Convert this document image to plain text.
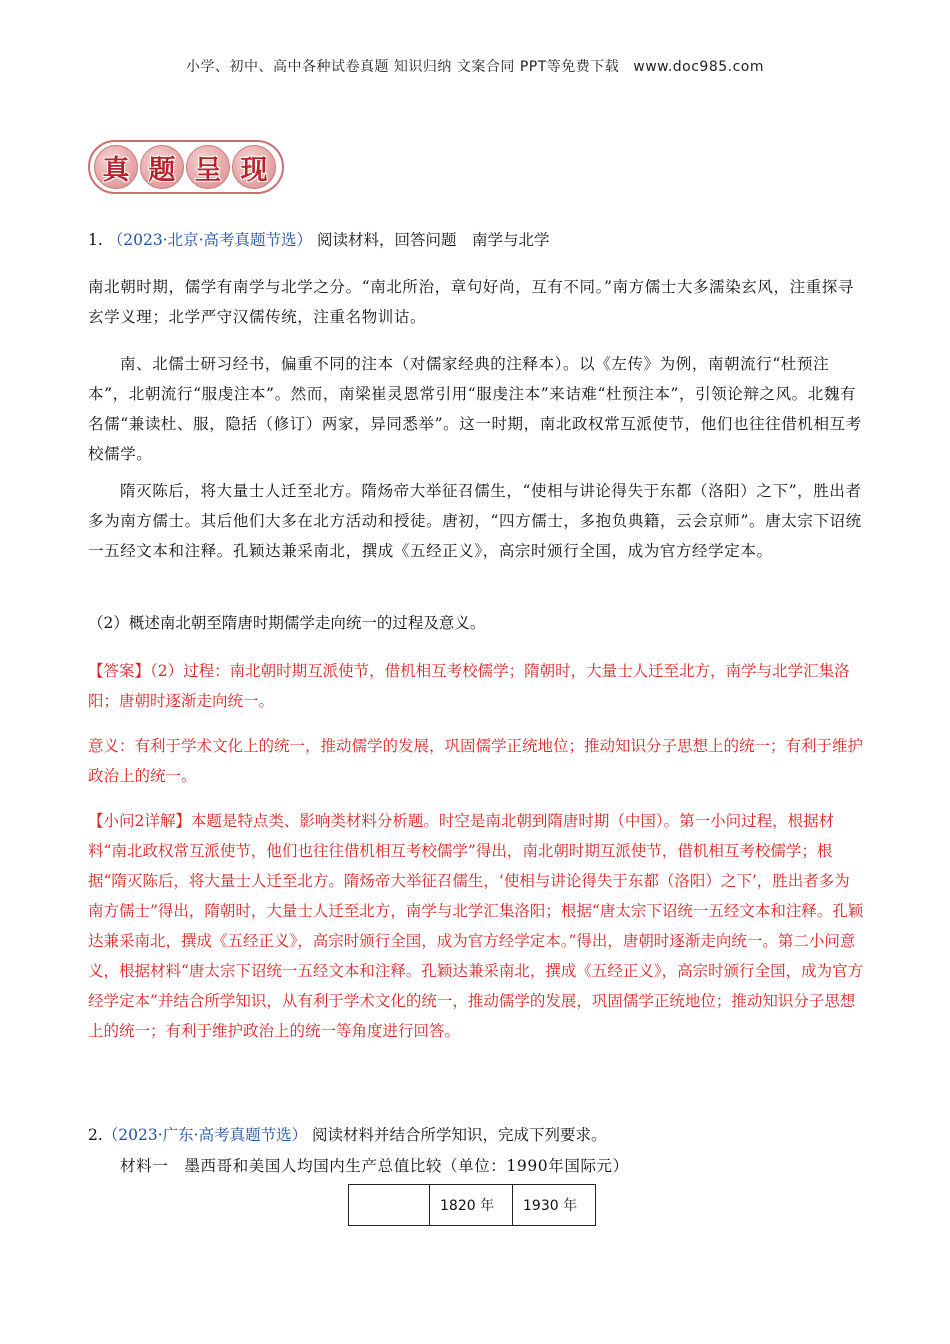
小学、初中、高中各种试卷真题 知识归纳 文案合同 PPT等免费下载 www.doc985.com
真 题 呈 现
1. （2023·北京·高考真题节选） 阅读材料，回答问题　南学与北学
南北朝时期，儒学有南学与北学之分。“南北所治，章句好尚，互有不同。”南方儒士大多濡染玄风，注重探寻玄学义理；北学严守汉儒传统，注重名物训诂。
南、北儒士研习经书，偏重不同的注本（对儒家经典的注释本）。以《左传》为例，南朝流行“杜预注本”，北朝流行“服虔注本”。然而，南梁崔灵恩常引用“服虔注本”来诘难“杜预注本”，引领论辩之风。北魏有名儒“兼读杜、服，隐括（修订）两家，异同悉举”。这一时期，南北政权常互派使节，他们也往往借机相互考校儒学。
隋灭陈后，将大量士人迁至北方。隋炀帝大举征召儒生，“使相与讲论得失于东都（洛阳）之下”，胜出者多为南方儒士。其后他们大多在北方活动和授徒。唐初，“四方儒士，多抱负典籍，云会京师”。唐太宗下诏统一五经文本和注释。孔颖达兼采南北，撰成《五经正义》，高宗时颁行全国，成为官方经学定本。
（2）概述南北朝至隋唐时期儒学走向统一的过程及意义。
【答案】（2）过程：南北朝时期互派使节，借机相互考校儒学；隋朝时，大量士人迁至北方，南学与北学汇集洛阳；唐朝时逐渐走向统一。
意义：有利于学术文化上的统一，推动儒学的发展，巩固儒学正统地位；推动知识分子思想上的统一；有利于维护政治上的统一。
【小问2详解】本题是特点类、影响类材料分析题。时空是南北朝到隋唐时期（中国）。第一小问过程，根据材料“南北政权常互派使节，他们也往往借机相互考校儒学”得出，南北朝时期互派使节，借机相互考校儒学；根据“隋灭陈后，将大量士人迁至北方。隋炀帝大举征召儒生，‘使相与讲论得失于东都（洛阳）之下’，胜出者多为南方儒士”得出，隋朝时，大量士人迁至北方，南学与北学汇集洛阳；根据“唐太宗下诏统一五经文本和注释。孔颖达兼采南北，撰成《五经正义》，高宗时颁行全国，成为官方经学定本。”得出，唐朝时逐渐走向统一。第二小问意义，根据材料“唐太宗下诏统一五经文本和注释。孔颖达兼采南北，撰成《五经正义》，高宗时颁行全国，成为官方经学定本”并结合所学知识，从有利于学术文化的统一，推动儒学的发展，巩固儒学正统地位；推动知识分子思想上的统一；有利于维护政治上的统一等角度进行回答。
2.（2023·广东·高考真题节选） 阅读材料并结合所学知识，完成下列要求。
材料一　墨西哥和美国人均国内生产总值比较（单位：1990年国际元）
	1820 年	1930 年
